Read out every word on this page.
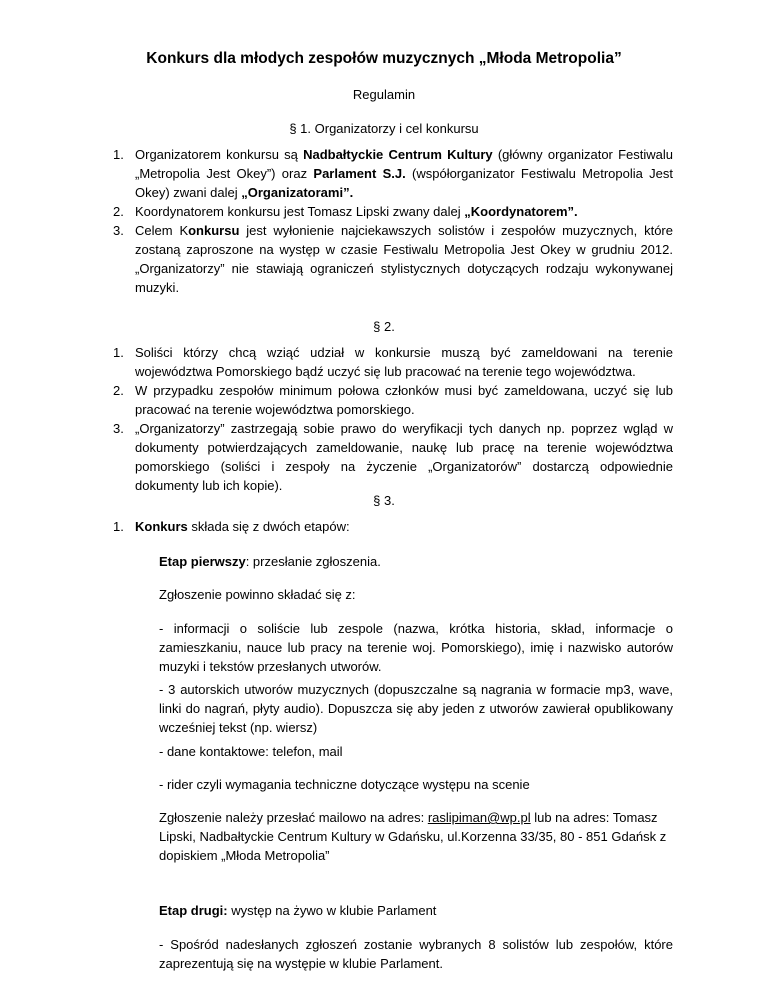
Konkurs dla młodych zespołów muzycznych „Młoda Metropolia”
Regulamin
§ 1. Organizatorzy i cel konkursu

1. Organizatorem konkursu są Nadbałtyckie Centrum Kultury (główny organizator Festiwalu „Metropolia Jest Okey”) oraz Parlament S.J. (współorganizator Festiwalu Metropolia Jest Okey) zwani dalej „Organizatorami”.

2. Koordynatorem konkursu jest Tomasz Lipski zwany dalej „Koordynatorem”.

3. Celem Konkursu jest wyłonienie najciekawszych solistów i zespołów muzycznych, które zostaną zaproszone na występ w czasie Festiwalu Metropolia Jest Okey w grudniu 2012. „Organizatorzy” nie stawiają ograniczeń stylistycznych dotyczących rodzaju wykonywanej muzyki.

§ 2.

1. Soliści którzy chcą wziąć udział w konkursie muszą być zameldowani na terenie województwa Pomorskiego bądź uczyć się lub pracować na terenie tego województwa.

2. W przypadku zespołów minimum połowa członków musi być zameldowana, uczyć się lub pracować na terenie województwa pomorskiego.

3. „Organizatorzy” zastrzegają sobie prawo do weryfikacji tych danych np. poprzez wgląd w dokumenty potwierdzających zameldowanie, naukę lub pracę na terenie województwa pomorskiego (soliści i zespoły na życzenie „Organizatorów” dostarczą odpowiednie dokumenty lub ich kopie).

§ 3.

1. Konkurs składa się z dwóch etapów:

Etap pierwszy: przesłanie zgłoszenia.
Zgłoszenie powinno składać się z:
- informacji o soliście lub zespole (nazwa, krótka historia, skład, informacje o zamieszkaniu, nauce lub pracy na terenie woj. Pomorskiego), imię i nazwisko autorów muzyki i tekstów przesłanych utworów.
- 3 autorskich utworów muzycznych (dopuszczalne są nagrania w formacie mp3, wave, linki do nagrań, płyty audio). Dopuszcza się aby jeden z utworów zawierał opublikowany wcześniej tekst (np. wiersz)
- dane kontaktowe: telefon, mail
- rider czyli wymagania techniczne dotyczące występu na scenie
Zgłoszenie należy przesłać mailowo na adres: raslipiman@wp.pl lub na adres: Tomasz Lipski, Nadbałtyckie Centrum Kultury w Gdańsku, ul.Korzenna 33/35, 80 - 851 Gdańsk z dopiskiem „Młoda Metropolia”
Etap drugi: występ na żywo w klubie Parlament
- Spośród nadesłanych zgłoszeń zostanie wybranych 8 solistów lub zespołów, które zaprezentują się na występie w klubie Parlament.
